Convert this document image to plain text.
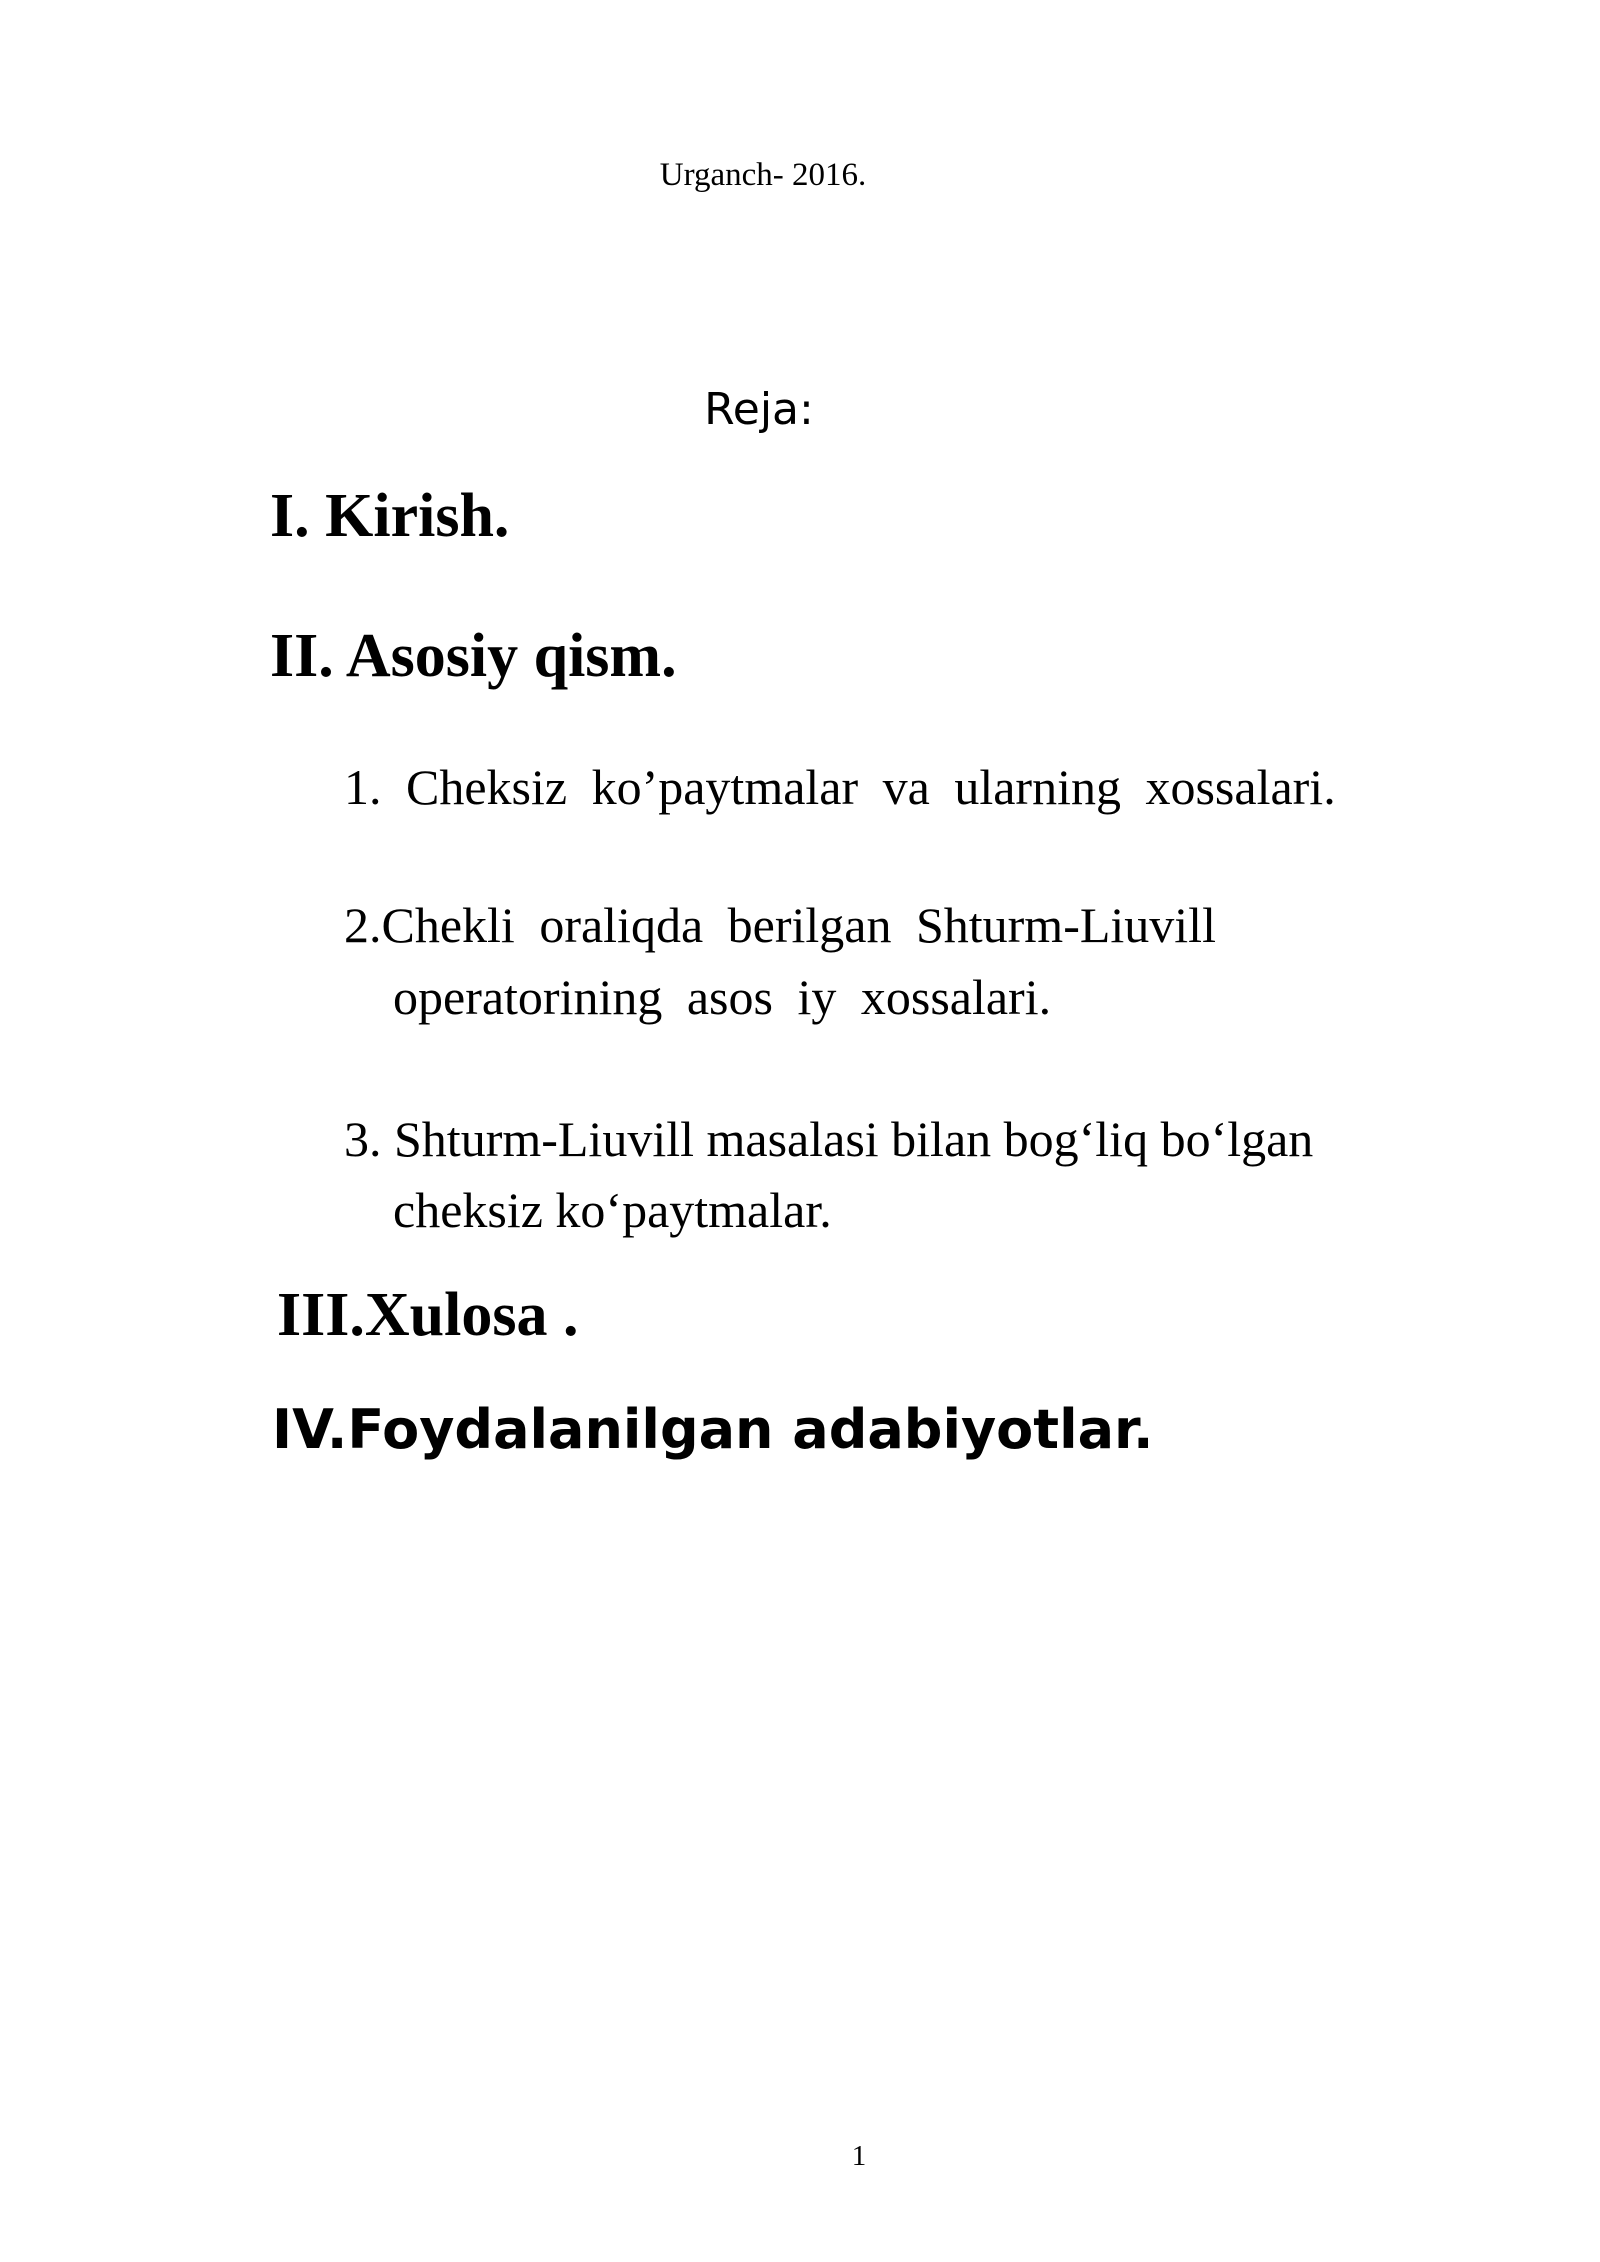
Urganch- 2016.
Reja:
I. Kirish.
II. Asosiy qism.
1. Cheksiz ko’paytmalar va ularning xossalari.
2.Chekli oraliqda berilgan Shturm-Liuvill
operatorining asos iy xossalari.
3. Shturm-Liuvill masalasi bilan bog‘liq bo‘lgan
cheksiz ko‘paytmalar.
III.Xulosa .
IV.Foydalanilgan adabiyotlar.
1
